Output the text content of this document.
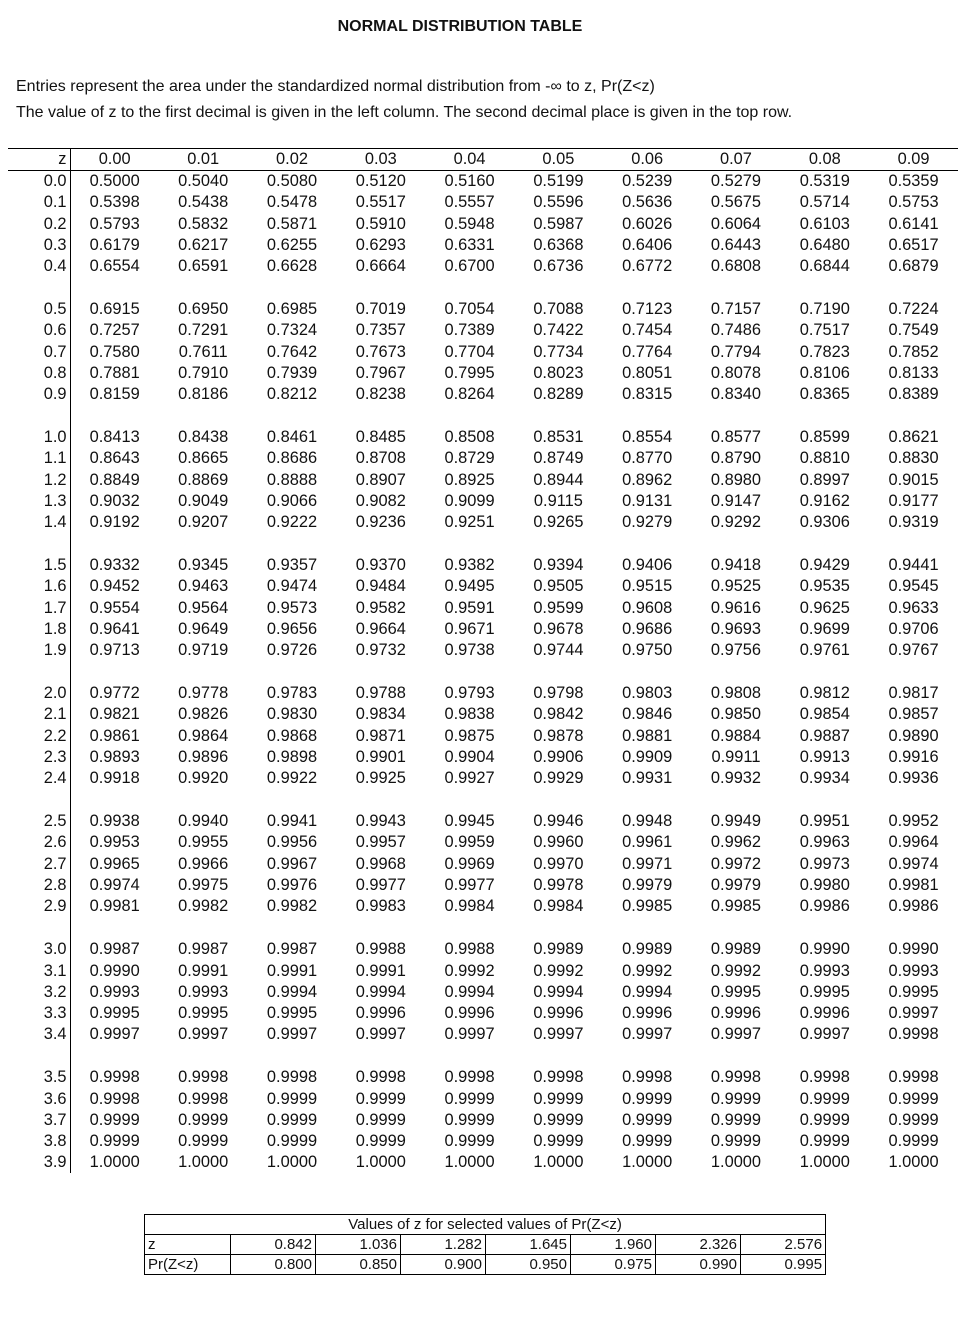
NORMAL DISTRIBUTION TABLE
Entries represent the area under the standardized normal distribution from -∞ to z, Pr(Z<z)
The value of z to the first decimal is given in the left column. The second decimal place is given in the top row.
z	0.00	0.01	0.02	0.03	0.04	0.05	0.06	0.07	0.08	0.09
0.0	0.5000	0.5040	0.5080	0.5120	0.5160	0.5199	0.5239	0.5279	0.5319	0.5359
0.1	0.5398	0.5438	0.5478	0.5517	0.5557	0.5596	0.5636	0.5675	0.5714	0.5753
0.2	0.5793	0.5832	0.5871	0.5910	0.5948	0.5987	0.6026	0.6064	0.6103	0.6141
0.3	0.6179	0.6217	0.6255	0.6293	0.6331	0.6368	0.6406	0.6443	0.6480	0.6517
0.4	0.6554	0.6591	0.6628	0.6664	0.6700	0.6736	0.6772	0.6808	0.6844	0.6879

0.5	0.6915	0.6950	0.6985	0.7019	0.7054	0.7088	0.7123	0.7157	0.7190	0.7224
0.6	0.7257	0.7291	0.7324	0.7357	0.7389	0.7422	0.7454	0.7486	0.7517	0.7549
0.7	0.7580	0.7611	0.7642	0.7673	0.7704	0.7734	0.7764	0.7794	0.7823	0.7852
0.8	0.7881	0.7910	0.7939	0.7967	0.7995	0.8023	0.8051	0.8078	0.8106	0.8133
0.9	0.8159	0.8186	0.8212	0.8238	0.8264	0.8289	0.8315	0.8340	0.8365	0.8389

1.0	0.8413	0.8438	0.8461	0.8485	0.8508	0.8531	0.8554	0.8577	0.8599	0.8621
1.1	0.8643	0.8665	0.8686	0.8708	0.8729	0.8749	0.8770	0.8790	0.8810	0.8830
1.2	0.8849	0.8869	0.8888	0.8907	0.8925	0.8944	0.8962	0.8980	0.8997	0.9015
1.3	0.9032	0.9049	0.9066	0.9082	0.9099	0.9115	0.9131	0.9147	0.9162	0.9177
1.4	0.9192	0.9207	0.9222	0.9236	0.9251	0.9265	0.9279	0.9292	0.9306	0.9319

1.5	0.9332	0.9345	0.9357	0.9370	0.9382	0.9394	0.9406	0.9418	0.9429	0.9441
1.6	0.9452	0.9463	0.9474	0.9484	0.9495	0.9505	0.9515	0.9525	0.9535	0.9545
1.7	0.9554	0.9564	0.9573	0.9582	0.9591	0.9599	0.9608	0.9616	0.9625	0.9633
1.8	0.9641	0.9649	0.9656	0.9664	0.9671	0.9678	0.9686	0.9693	0.9699	0.9706
1.9	0.9713	0.9719	0.9726	0.9732	0.9738	0.9744	0.9750	0.9756	0.9761	0.9767

2.0	0.9772	0.9778	0.9783	0.9788	0.9793	0.9798	0.9803	0.9808	0.9812	0.9817
2.1	0.9821	0.9826	0.9830	0.9834	0.9838	0.9842	0.9846	0.9850	0.9854	0.9857
2.2	0.9861	0.9864	0.9868	0.9871	0.9875	0.9878	0.9881	0.9884	0.9887	0.9890
2.3	0.9893	0.9896	0.9898	0.9901	0.9904	0.9906	0.9909	0.9911	0.9913	0.9916
2.4	0.9918	0.9920	0.9922	0.9925	0.9927	0.9929	0.9931	0.9932	0.9934	0.9936

2.5	0.9938	0.9940	0.9941	0.9943	0.9945	0.9946	0.9948	0.9949	0.9951	0.9952
2.6	0.9953	0.9955	0.9956	0.9957	0.9959	0.9960	0.9961	0.9962	0.9963	0.9964
2.7	0.9965	0.9966	0.9967	0.9968	0.9969	0.9970	0.9971	0.9972	0.9973	0.9974
2.8	0.9974	0.9975	0.9976	0.9977	0.9977	0.9978	0.9979	0.9979	0.9980	0.9981
2.9	0.9981	0.9982	0.9982	0.9983	0.9984	0.9984	0.9985	0.9985	0.9986	0.9986

3.0	0.9987	0.9987	0.9987	0.9988	0.9988	0.9989	0.9989	0.9989	0.9990	0.9990
3.1	0.9990	0.9991	0.9991	0.9991	0.9992	0.9992	0.9992	0.9992	0.9993	0.9993
3.2	0.9993	0.9993	0.9994	0.9994	0.9994	0.9994	0.9994	0.9995	0.9995	0.9995
3.3	0.9995	0.9995	0.9995	0.9996	0.9996	0.9996	0.9996	0.9996	0.9996	0.9997
3.4	0.9997	0.9997	0.9997	0.9997	0.9997	0.9997	0.9997	0.9997	0.9997	0.9998

3.5	0.9998	0.9998	0.9998	0.9998	0.9998	0.9998	0.9998	0.9998	0.9998	0.9998
3.6	0.9998	0.9998	0.9999	0.9999	0.9999	0.9999	0.9999	0.9999	0.9999	0.9999
3.7	0.9999	0.9999	0.9999	0.9999	0.9999	0.9999	0.9999	0.9999	0.9999	0.9999
3.8	0.9999	0.9999	0.9999	0.9999	0.9999	0.9999	0.9999	0.9999	0.9999	0.9999
3.9	1.0000	1.0000	1.0000	1.0000	1.0000	1.0000	1.0000	1.0000	1.0000	1.0000
Values of z for selected values of Pr(Z<z)							
z	0.842	1.036	1.282	1.645	1.960	2.326	2.576
Pr(Z<z)	0.800	0.850	0.900	0.950	0.975	0.990	0.995
